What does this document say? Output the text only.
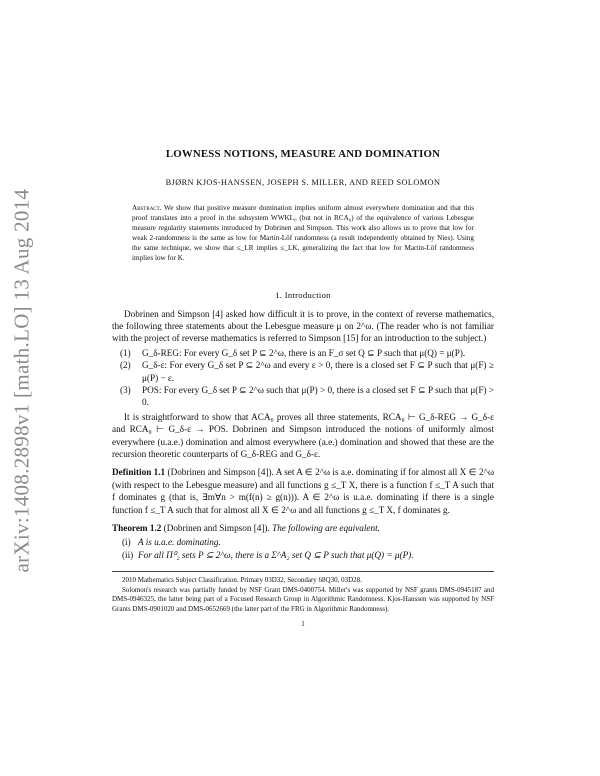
arXiv:1408.2898v1 [math.LO] 13 Aug 2014
LOWNESS NOTIONS, MEASURE AND DOMINATION
BJØRN KJOS-HANSSEN, JOSEPH S. MILLER, AND REED SOLOMON
Abstract. We show that positive measure domination implies uniform almost everywhere domination and that this proof translates into a proof in the subsystem WWKL₀ (but not in RCA₀) of the equivalence of various Lebesgue measure regularity statements introduced by Dobrinen and Simpson. This work also allows us to prove that low for weak 2-randomness is the same as low for Martin-Löf randomness (a result independently obtained by Nies). Using the same technique, we show that ≤_LR implies ≤_LK, generalizing the fact that low for Martin-Löf randomness implies low for K.
1. Introduction

Dobrinen and Simpson [4] asked how difficult it is to prove, in the context of reverse mathematics, the following three statements about the Lebesgue measure μ on 2^ω. (The reader who is not familiar with the project of reverse mathematics is referred to Simpson [15] for an introduction to the subject.)

(1) G_δ-REG: For every G_δ set P ⊆ 2^ω, there is an F_σ set Q ⊆ P such that μ(Q) = μ(P).
(2) G_δ-ε: For every G_δ set P ⊆ 2^ω and every ε > 0, there is a closed set F ⊆ P such that μ(F) ≥ μ(P) − ε.
(3) POS: For every G_δ set P ⊆ 2^ω such that μ(P) > 0, there is a closed set F ⊆ P such that μ(F) > 0.

It is straightforward to show that ACA₀ proves all three statements, RCA₀ ⊢ G_δ-REG → G_δ-ε and RCA₀ ⊢ G_δ-ε → POS. Dobrinen and Simpson introduced the notions of uniformly almost everywhere (u.a.e.) domination and almost everywhere (a.e.) domination and showed that these are the recursion theoretic counterparts of G_δ-REG and G_δ-ε.

Definition 1.1 (Dobrinen and Simpson [4]). A set A ∈ 2^ω is a.e. dominating if for almost all X ∈ 2^ω (with respect to the Lebesgue measure) and all functions g ≤_T X, there is a function f ≤_T A such that f dominates g (that is, ∃m∀n > m(f(n) ≥ g(n))). A ∈ 2^ω is u.a.e. dominating if there is a single function f ≤_T A such that for almost all X ∈ 2^ω and all functions g ≤_T X, f dominates g.
Theorem 1.2 (Dobrinen and Simpson [4]). The following are equivalent.
(i) A is u.a.e. dominating.
(ii) For all Π⁰₂ sets P ⊆ 2^ω, there is a Σ^A₂ set Q ⊆ P such that μ(Q) = μ(P).
2010 Mathematics Subject Classification. Primary 03D32, Secondary 68Q30, 03D28.
Solomon's research was partially funded by NSF Grant DMS-0400754. Miller's was supported by NSF grants DMS-0945187 and DMS-0946325, the latter being part of a Focused Research Group in Algorithmic Randomness. Kjos-Hanssen was supported by NSF Grants DMS-0901020 and DMS-0652669 (the latter part of the FRG in Algorithmic Randomness).
1
